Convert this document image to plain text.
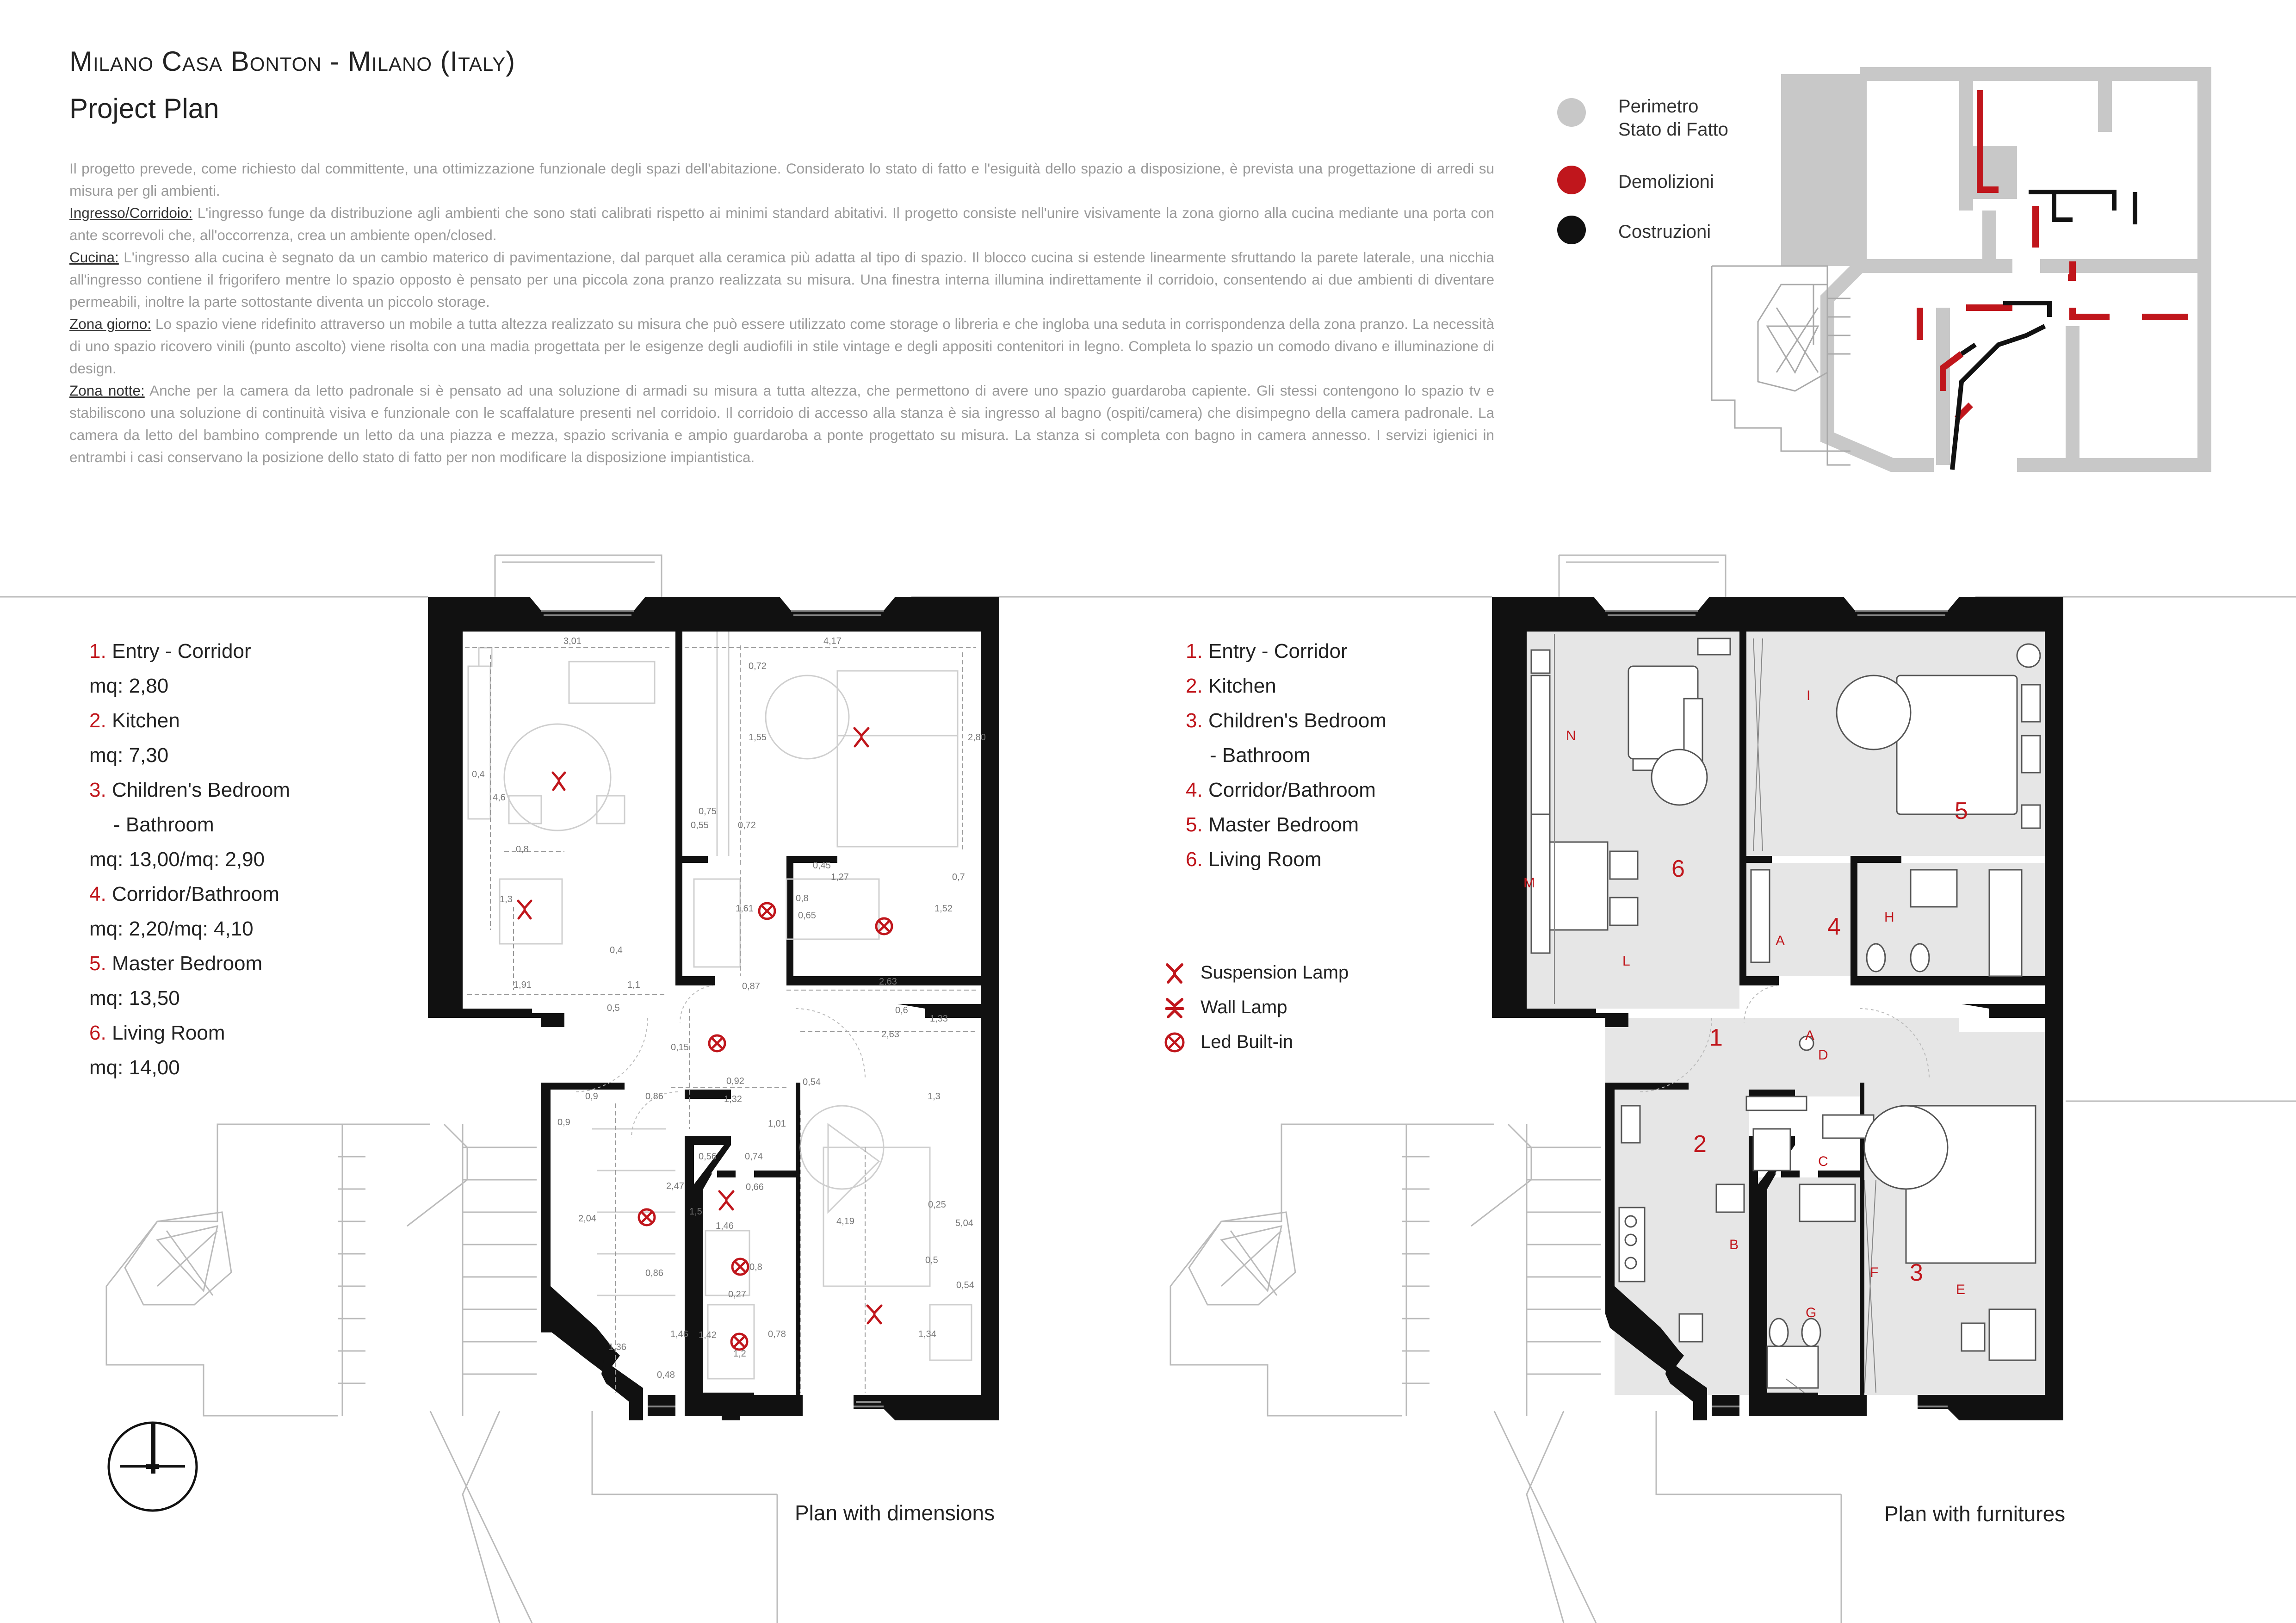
Milano Casa Bonton - Milano (Italy)
Project Plan

Il progetto prevede, come richiesto dal committente, una ottimizzazione funzionale degli spazi dell'abitazione. Considerato lo stato di fatto e l'esiguità dello spazio a disposizione, è prevista una progettazione di arredi su misura per gli ambienti.

Ingresso/Corridoio: L'ingresso funge da distribuzione agli ambienti che sono stati calibrati rispetto ai minimi standard abitativi. Il progetto consiste nell'unire visivamente la zona giorno alla cucina mediante una porta con ante scorrevoli che, all'occorrenza, crea un ambiente open/closed.

Cucina: L'ingresso alla cucina è segnato da un cambio materico di pavimentazione, dal parquet alla ceramica più adatta al tipo di spazio. Il blocco cucina si estende linearmente sfruttando la parete laterale, una nicchia all'ingresso contiene il frigorifero mentre lo spazio opposto è pensato per una piccola zona pranzo realizzata su misura. Una finestra interna illumina indirettamente il corridoio, consentendo ai due ambienti di diventare permeabili, inoltre la parte sottostante diventa un piccolo storage.

Zona giorno: Lo spazio viene ridefinito attraverso un mobile a tutta altezza realizzato su misura che può essere utilizzato come storage o libreria e che ingloba una seduta in corrispondenza della zona pranzo. La necessità di uno spazio ricovero vinili (punto ascolto) viene risolta con una madia progettata per le esigenze degli audiofili in stile vintage e degli appositi contenitori in legno. Completa lo spazio un comodo divano e illuminazione di design.

Zona notte: Anche per la camera da letto padronale si è pensato ad una soluzione di armadi su misura a tutta altezza, che permettono di avere uno spazio guardaroba capiente. Gli stessi contengono lo spazio tv e stabiliscono una soluzione di continuità visiva e funzionale con le scaffalature presenti nel corridoio. Il corridoio di accesso alla stanza è sia ingresso al bagno (ospiti/camera) che disimpegno della camera padronale. La camera da letto del bambino comprende un letto da una piazza e mezza, spazio scrivania e ampio guardaroba a ponte progettato su misura. La stanza si completa con bagno in camera annesso. I servizi igienici in entrambi i casi conservano la posizione dello stato di fatto per non modificare la disposizione impiantistica.

Perimetro
Stato di Fatto
Demolizioni
Costruzioni
1. Entry - Corridor
mq: 2,80
2. Kitchen
mq: 7,30
3. Children's Bedroom
- Bathroom
mq: 13,00/mq: 2,90
4. Corridor/Bathroom
mq: 2,20/mq: 4,10
5. Master Bedroom
mq: 13,50
6. Living Room
mq: 14,00
1. Entry - Corridor
2. Kitchen
3. Children's Bedroom
- Bathroom
4. Corridor/Bathroom
5. Master Bedroom
6. Living Room
Suspension Lamp
Wall Lamp
Led Built-in
3,01	4,17
0,72
1,55	2,80
0,4
4,6
0,75
0,55	0,72
0,8
1,3
1,61
0,8
0,45
0,65
1,27	0,7
1,52
1,91
0,4
1,1	2,63
0,87
0,5
0,15
0,6
1,33
2,63
0,92	0,54
0,9	0,86	1,32	1,3
0,9	1,01
0,56	0,74
2,47	0,66
1,5
1,46
2,04	4,19
0,25
5,04
0,86
0,5
0,8
0,27
0,54
1,46 1,42	0,78	1,34
1,36
1,2
0,48
1
2
3
4
5
6
A
A
B
C
D
E
F
G
H
I
L
M
N
Plan with dimensions	Plan with furnitures
